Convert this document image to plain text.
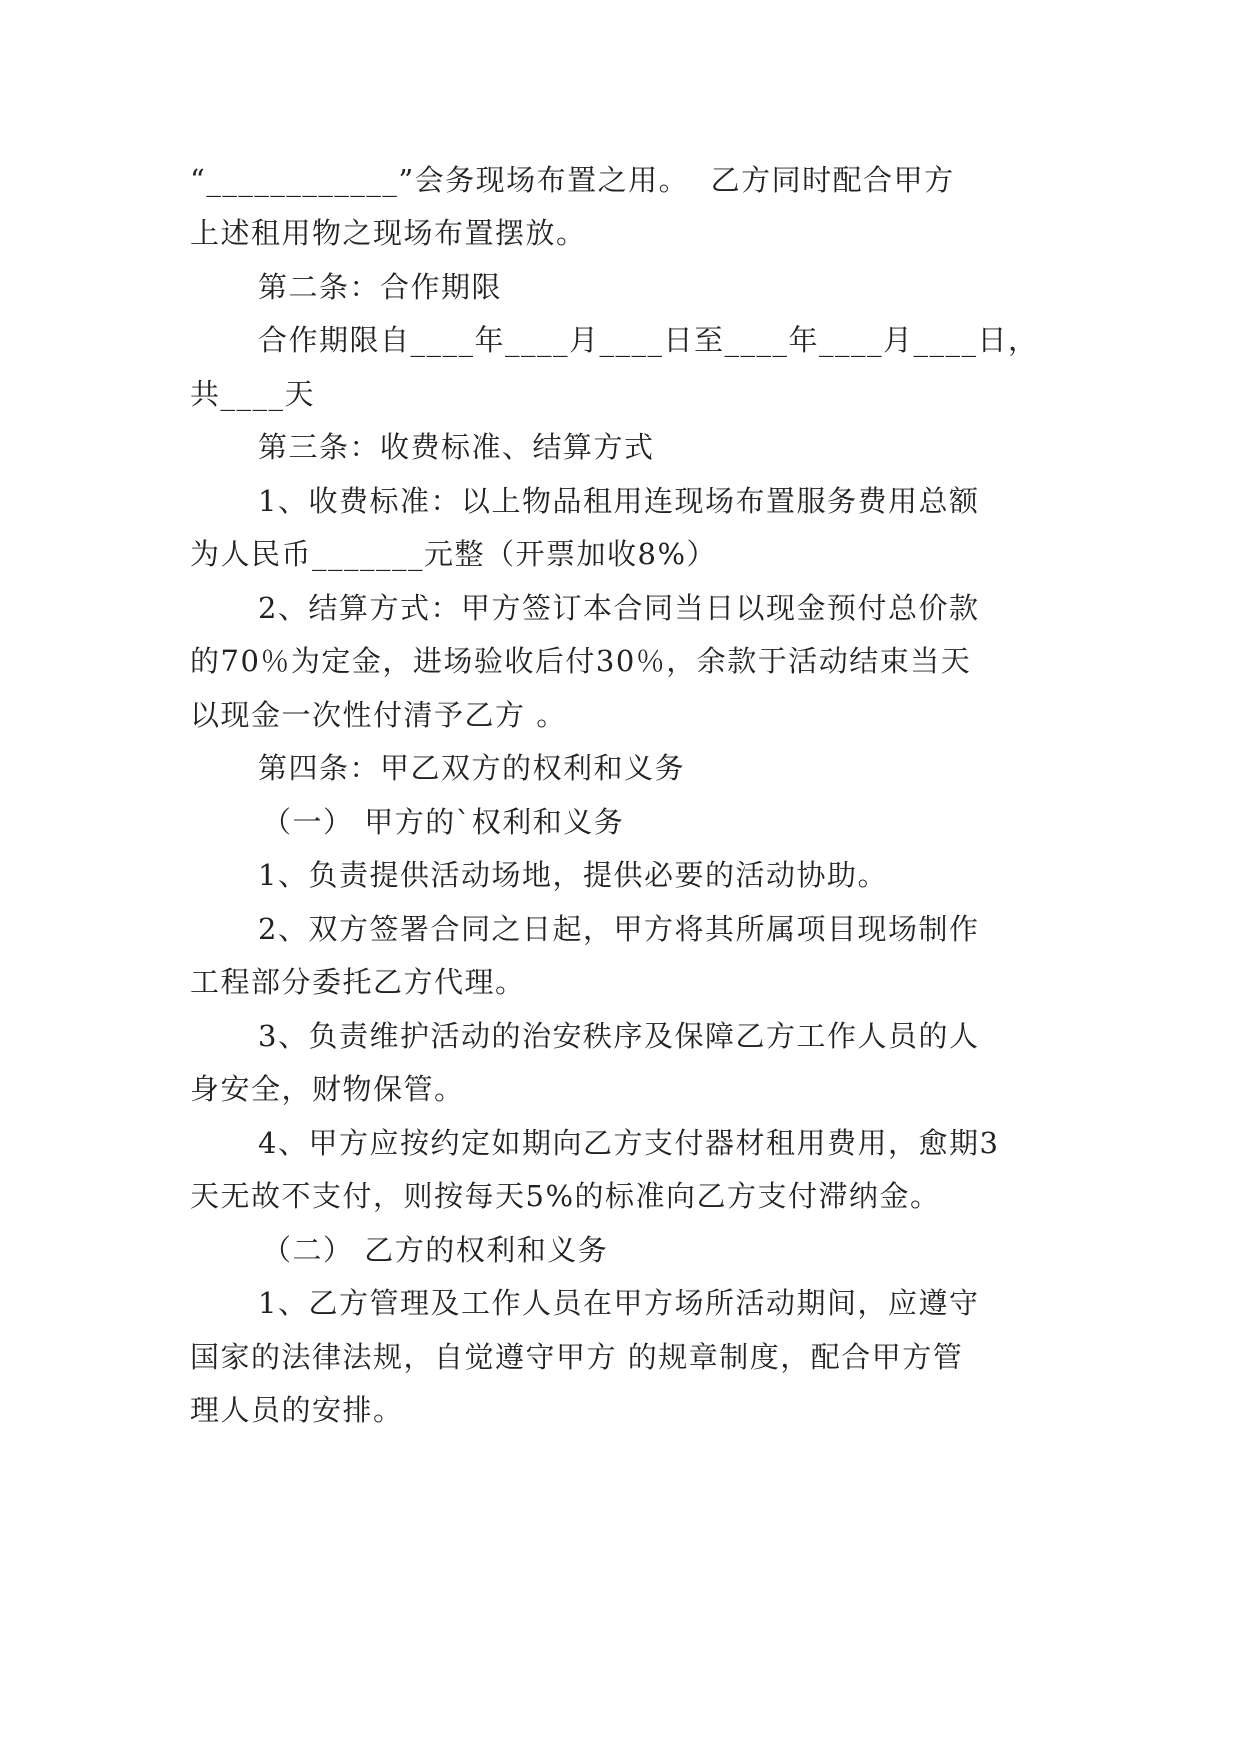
“____________”会务现场布置之用。  乙方同时配合甲方
上述租用物之现场布置摆放。
第二条：合作期限
合作期限自____年____月____日至____年____月____日，
共____天
第三条：收费标准、结算方式
1、收费标准：以上物品租用连现场布置服务费用总额
为人民币_______元整（开票加收8%）
2、结算方式：甲方签订本合同当日以现金预付总价款
的70％为定金，进场验收后付30％，余款于活动结束当天
以现金一次性付清予乙方 。
第四条：甲乙双方的权利和义务
（一） 甲方的`权利和义务
1、负责提供活动场地，提供必要的活动协助。
2、双方签署合同之日起，甲方将其所属项目现场制作
工程部分委托乙方代理。
3、负责维护活动的治安秩序及保障乙方工作人员的人
身安全，财物保管。
4、甲方应按约定如期向乙方支付器材租用费用，愈期3
天无故不支付，则按每天5%的标准向乙方支付滞纳金。
（二） 乙方的权利和义务
1、乙方管理及工作人员在甲方场所活动期间，应遵守
国家的法律法规，自觉遵守甲方 的规章制度，配合甲方管
理人员的安排。
